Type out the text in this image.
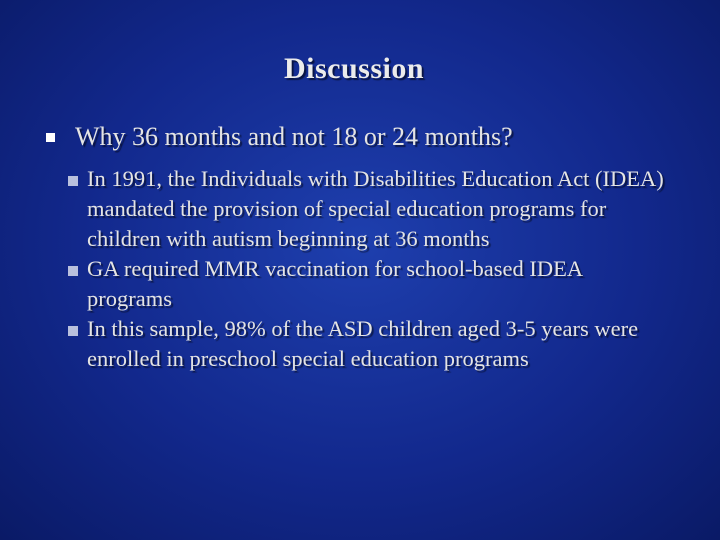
Discussion
Why 36 months and not 18 or 24 months?
In 1991, the Individuals with Disabilities Education Act (IDEA) mandated the provision of special education programs for children with autism beginning at 36 months
GA required MMR vaccination for school-based IDEA programs
In this sample, 98% of the ASD children aged 3-5 years were enrolled in preschool special education programs
